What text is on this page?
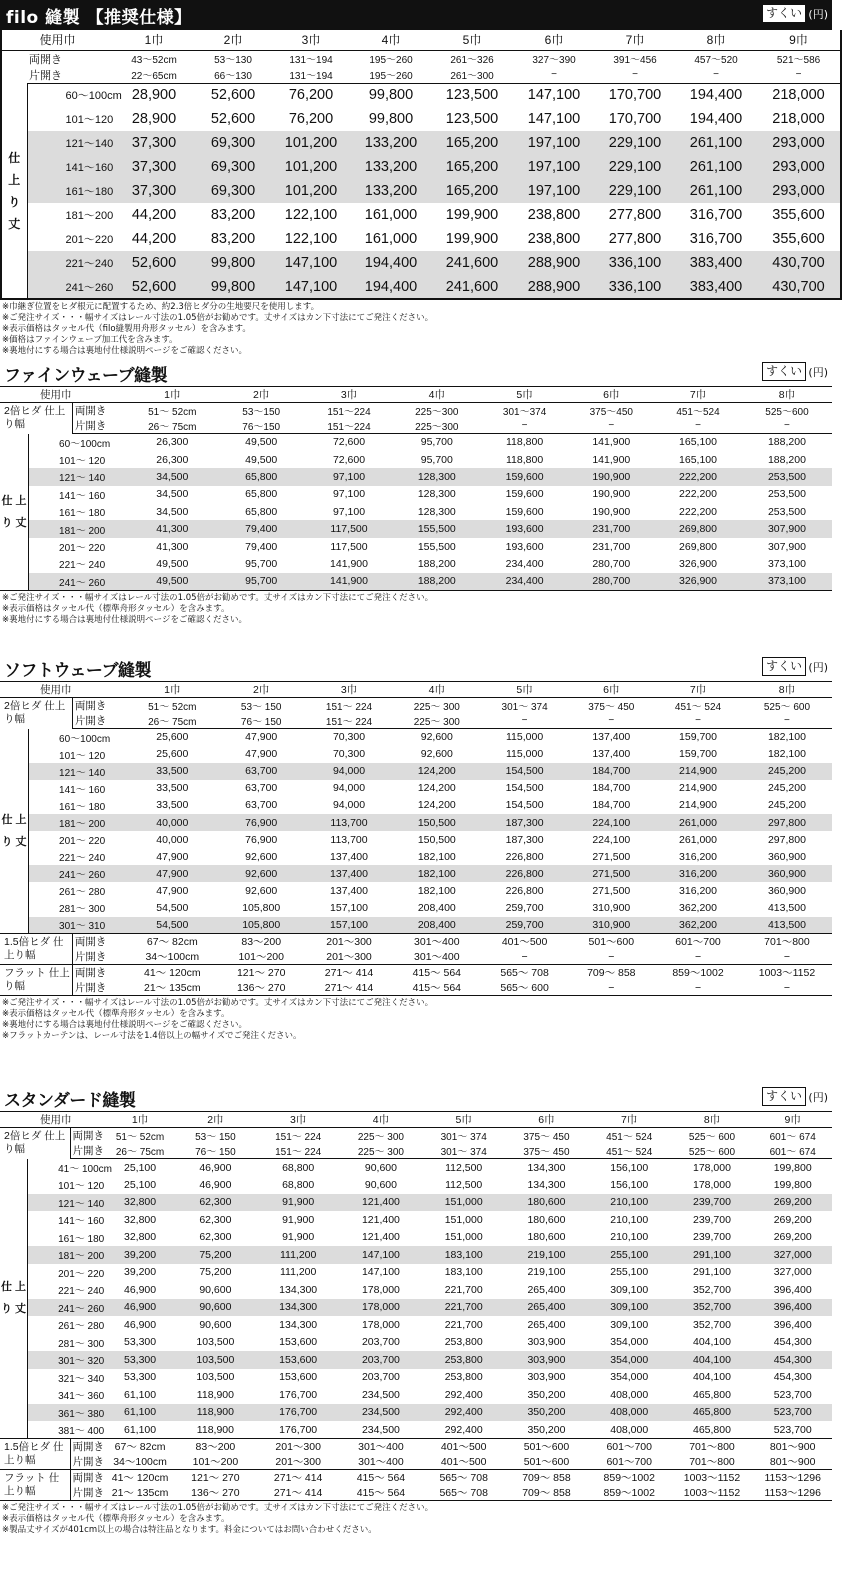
filo 縫製 【推奨仕様】	すくい (円)
使用巾		1巾	2巾	3巾	4巾	5巾	6巾	7巾	8巾	9巾
	両開き	43〜52cm	53〜130	131〜194	195〜260	261〜326	327〜390	391〜456	457〜520	521〜586
	片開き	22〜65cm	66〜130	131〜194	195〜260	261〜300	−	−	−	−
仕 上 り 丈	60〜100cm	28,900	52,600	76,200	99,800	123,500	147,100	170,700	194,400	218,000
	101〜120	28,900	52,600	76,200	99,800	123,500	147,100	170,700	194,400	218,000
	121〜140	37,300	69,300	101,200	133,200	165,200	197,100	229,100	261,100	293,000
	141〜160	37,300	69,300	101,200	133,200	165,200	197,100	229,100	261,100	293,000
	161〜180	37,300	69,300	101,200	133,200	165,200	197,100	229,100	261,100	293,000
	181〜200	44,200	83,200	122,100	161,000	199,900	238,800	277,800	316,700	355,600
	201〜220	44,200	83,200	122,100	161,000	199,900	238,800	277,800	316,700	355,600
	221〜240	52,600	99,800	147,100	194,400	241,600	288,900	336,100	383,400	430,700
	241〜260	52,600	99,800	147,100	194,400	241,600	288,900	336,100	383,400	430,700
※巾継ぎ位置をヒダ根元に配置するため、約2.3倍ヒダ分の生地要尺を使用します。
※ご発注サイズ・・・幅サイズはレール寸法の1.05倍がお勧めです。丈サイズはカン下寸法にてご発注ください。
※表示価格はタッセル代（filo縫製用舟形タッセル）を含みます。
※価格はファインウェーブ加工代を含みます。
※裏地付にする場合は裏地付仕様説明ページをご確認ください。
ファインウェーブ縫製	すくい (円)
使用巾			1巾	2巾	3巾	4巾	5巾	6巾	7巾	8巾
2倍ヒダ 仕上り幅		両開き	51〜 52cm	53〜150	151〜224	225〜300	301〜374	375〜450	451〜524	525〜600
		片開き	26〜 75cm	76〜150	151〜224	225〜300	−	−	−	−
仕 上 り 丈	60〜100cm		26,300	49,500	72,600	95,700	118,800	141,900	165,100	188,200
	101〜 120		26,300	49,500	72,600	95,700	118,800	141,900	165,100	188,200
	121〜 140		34,500	65,800	97,100	128,300	159,600	190,900	222,200	253,500
	141〜 160		34,500	65,800	97,100	128,300	159,600	190,900	222,200	253,500
	161〜 180		34,500	65,800	97,100	128,300	159,600	190,900	222,200	253,500
	181〜 200		41,300	79,400	117,500	155,500	193,600	231,700	269,800	307,900
	201〜 220		41,300	79,400	117,500	155,500	193,600	231,700	269,800	307,900
	221〜 240		49,500	95,700	141,900	188,200	234,400	280,700	326,900	373,100
	241〜 260		49,500	95,700	141,900	188,200	234,400	280,700	326,900	373,100
※ご発注サイズ・・・幅サイズはレール寸法の1.05倍がお勧めです。丈サイズはカン下寸法にてご発注ください。
※表示価格はタッセル代（標準舟形タッセル）を含みます。
※裏地付にする場合は裏地付仕様説明ページをご確認ください。
ソフトウェーブ縫製	すくい (円)
使用巾			1巾	2巾	3巾	4巾	5巾	6巾	7巾	8巾
2倍ヒダ 仕上り幅		両開き	51〜 52cm	53〜 150	151〜 224	225〜 300	301〜 374	375〜 450	451〜 524	525〜 600
		片開き	26〜 75cm	76〜 150	151〜 224	225〜 300	−	−	−	−
仕 上 り 丈	60〜100cm		25,600	47,900	70,300	92,600	115,000	137,400	159,700	182,100
	101〜 120		25,600	47,900	70,300	92,600	115,000	137,400	159,700	182,100
	121〜 140		33,500	63,700	94,000	124,200	154,500	184,700	214,900	245,200
	141〜 160		33,500	63,700	94,000	124,200	154,500	184,700	214,900	245,200
	161〜 180		33,500	63,700	94,000	124,200	154,500	184,700	214,900	245,200
	181〜 200		40,000	76,900	113,700	150,500	187,300	224,100	261,000	297,800
	201〜 220		40,000	76,900	113,700	150,500	187,300	224,100	261,000	297,800
	221〜 240		47,900	92,600	137,400	182,100	226,800	271,500	316,200	360,900
	241〜 260		47,900	92,600	137,400	182,100	226,800	271,500	316,200	360,900
	261〜 280		47,900	92,600	137,400	182,100	226,800	271,500	316,200	360,900
	281〜 300		54,500	105,800	157,100	208,400	259,700	310,900	362,200	413,500
	301〜 310		54,500	105,800	157,100	208,400	259,700	310,900	362,200	413,500
1.5倍ヒダ 仕上り幅		両開き	67〜 82cm	83〜200	201〜300	301〜400	401〜500	501〜600	601〜700	701〜800
		片開き	34〜100cm	101〜200	201〜300	301〜400	−	−	−	−
フラット 仕上り幅		両開き	41〜 120cm	121〜 270	271〜 414	415〜 564	565〜 708	709〜 858	859〜1002	1003〜1152
		片開き	21〜 135cm	136〜 270	271〜 414	415〜 564	565〜 600	−	−	−
※ご発注サイズ・・・幅サイズはレール寸法の1.05倍がお勧めです。丈サイズはカン下寸法にてご発注ください。
※表示価格はタッセル代（標準舟形タッセル）を含みます。
※裏地付にする場合は裏地付仕様説明ページをご確認ください。
※フラットカーテンは、レール寸法を1.4倍以上の幅サイズでご発注ください。
スタンダード縫製	すくい (円)
使用巾			1巾	2巾	3巾	4巾	5巾	6巾	7巾	8巾	9巾
2倍ヒダ 仕上り幅		両開き	51〜 52cm	53〜 150	151〜 224	225〜 300	301〜 374	375〜 450	451〜 524	525〜 600	601〜 674
		片開き	26〜 75cm	76〜 150	151〜 224	225〜 300	301〜 374	375〜 450	451〜 524	525〜 600	601〜 674
仕 上 り 丈	41〜 100cm		25,100	46,900	68,800	90,600	112,500	134,300	156,100	178,000	199,800
	101〜 120		25,100	46,900	68,800	90,600	112,500	134,300	156,100	178,000	199,800
	121〜 140		32,800	62,300	91,900	121,400	151,000	180,600	210,100	239,700	269,200
	141〜 160		32,800	62,300	91,900	121,400	151,000	180,600	210,100	239,700	269,200
	161〜 180		32,800	62,300	91,900	121,400	151,000	180,600	210,100	239,700	269,200
	181〜 200		39,200	75,200	111,200	147,100	183,100	219,100	255,100	291,100	327,000
	201〜 220		39,200	75,200	111,200	147,100	183,100	219,100	255,100	291,100	327,000
	221〜 240		46,900	90,600	134,300	178,000	221,700	265,400	309,100	352,700	396,400
	241〜 260		46,900	90,600	134,300	178,000	221,700	265,400	309,100	352,700	396,400
	261〜 280		46,900	90,600	134,300	178,000	221,700	265,400	309,100	352,700	396,400
	281〜 300		53,300	103,500	153,600	203,700	253,800	303,900	354,000	404,100	454,300
	301〜 320		53,300	103,500	153,600	203,700	253,800	303,900	354,000	404,100	454,300
	321〜 340		53,300	103,500	153,600	203,700	253,800	303,900	354,000	404,100	454,300
	341〜 360		61,100	118,900	176,700	234,500	292,400	350,200	408,000	465,800	523,700
	361〜 380		61,100	118,900	176,700	234,500	292,400	350,200	408,000	465,800	523,700
	381〜 400		61,100	118,900	176,700	234,500	292,400	350,200	408,000	465,800	523,700
1.5倍ヒダ 仕上り幅		両開き	67〜 82cm	83〜200	201〜300	301〜400	401〜500	501〜600	601〜700	701〜800	801〜900
		片開き	34〜100cm	101〜200	201〜300	301〜400	401〜500	501〜600	601〜700	701〜800	801〜900
フラット 仕上り幅		両開き	41〜 120cm	121〜 270	271〜 414	415〜 564	565〜 708	709〜 858	859〜1002	1003〜1152	1153〜1296
		片開き	21〜 135cm	136〜 270	271〜 414	415〜 564	565〜 708	709〜 858	859〜1002	1003〜1152	1153〜1296
※ご発注サイズ・・・幅サイズはレール寸法の1.05倍がお勧めです。丈サイズはカン下寸法にてご発注ください。
※表示価格はタッセル代（標準舟形タッセル）を含みます。
※製品丈サイズが401cm以上の場合は特注品となります。料金についてはお問い合わせください。
